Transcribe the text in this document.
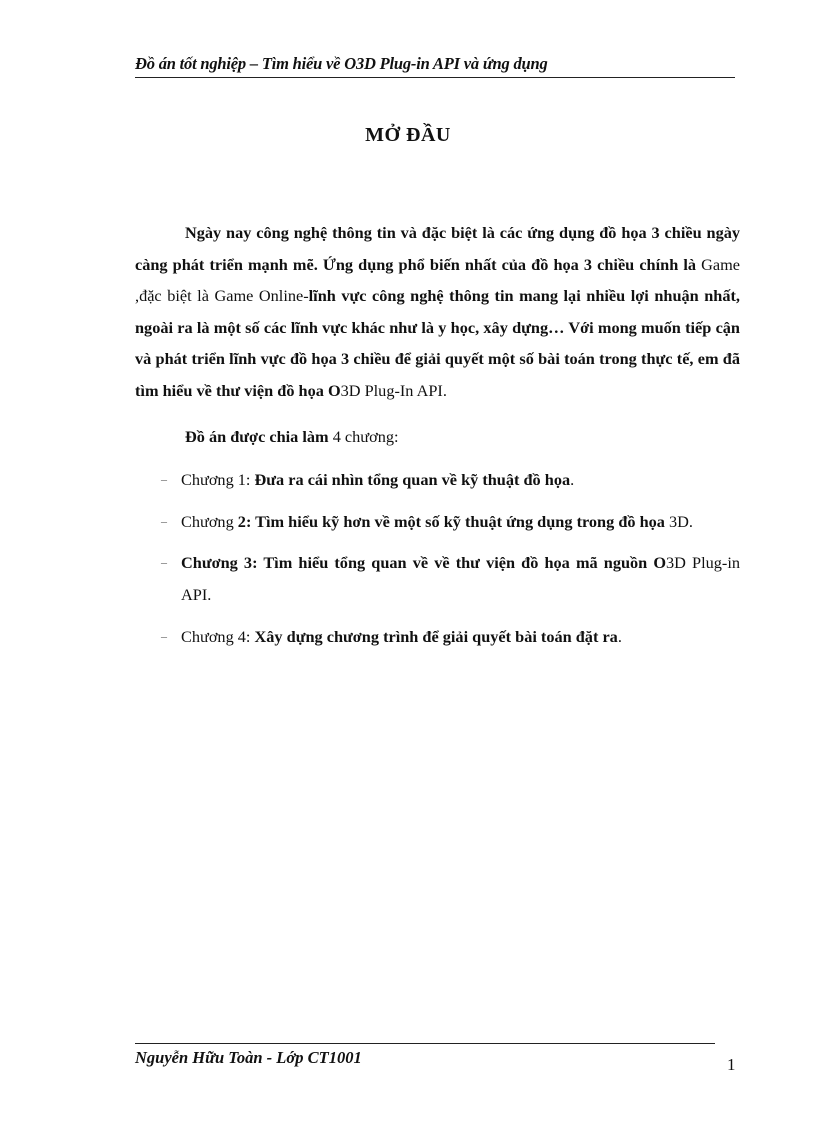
Đồ án tốt nghiệp – Tìm hiểu về O3D Plug-in API và ứng dụng
MỞ ĐẦU

Ngày nay công nghệ thông tin và đặc biệt là các ứng dụng đồ họa 3 chiều ngày càng phát triển mạnh mẽ. Ứng dụng phổ biến nhất của đồ họa 3 chiều chính là Game ,đặc biệt là Game Online-lĩnh vực công nghệ thông tin mang lại nhiều lợi nhuận nhất, ngoài ra là một số các lĩnh vực khác như là y học, xây dựng… Với mong muốn tiếp cận và phát triển lĩnh vực đồ họa 3 chiều để giải quyết một số bài toán trong thực tế, em đã tìm hiểu về thư viện đồ họa O3D Plug-In API.

Đồ án được chia làm 4 chương:

– Chương 1: Đưa ra cái nhìn tổng quan về kỹ thuật đồ họa.
– Chương 2: Tìm hiểu kỹ hơn về một số kỹ thuật ứng dụng trong đồ họa 3D.
– Chương 3: Tìm hiểu tổng quan về về thư viện đồ họa mã nguồn O3D Plug-in API.
– Chương 4: Xây dựng chương trình để giải quyết bài toán đặt ra.
Nguyễn Hữu Toàn - Lớp CT1001	1
